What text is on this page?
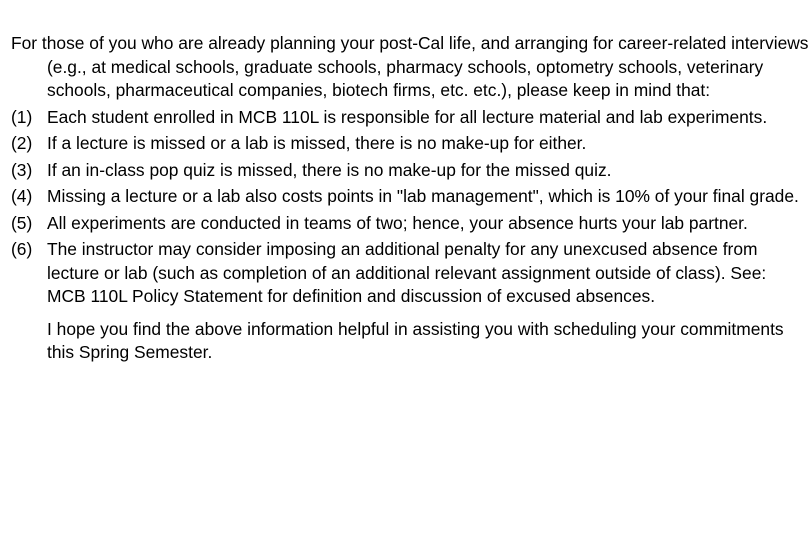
For those of you who are already planning your post-Cal life, and arranging for career-related interviews (e.g., at medical schools, graduate schools, pharmacy schools, optometry schools, veterinary schools, pharmaceutical companies, biotech firms, etc. etc.), please keep in mind that:

(1) Each student enrolled in MCB 110L is responsible for all lecture material and lab experiments.
(2) If a lecture is missed or a lab is missed, there is no make-up for either.
(3) If an in-class pop quiz is missed, there is no make-up for the missed quiz.
(4) Missing a lecture or a lab also costs points in "lab management", which is 10% of your final grade.
(5) All experiments are conducted in teams of two; hence, your absence hurts your lab partner.
(6) The instructor may consider imposing an additional penalty for any unexcused absence from lecture or lab (such as completion of an additional relevant assignment outside of class). See: MCB 110L Policy Statement for definition and discussion of excused absences.

I hope you find the above information helpful in assisting you with scheduling your commitments this Spring Semester.
